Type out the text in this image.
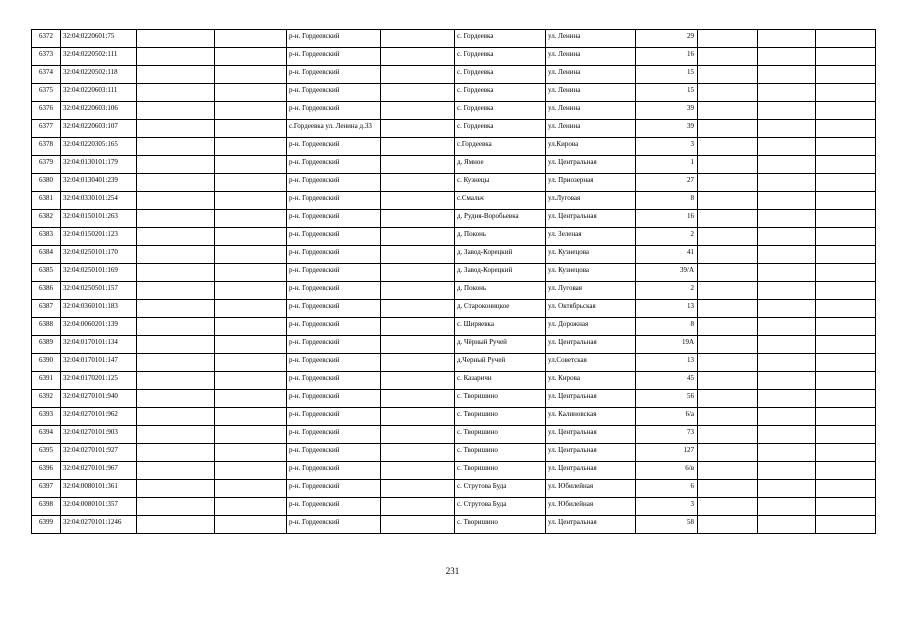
6372	32:04:0220601:75			р-н. Гордеевский		с. Гордеевка	ул. Ленина	29			
6373	32:04:0220502:111			р-н. Гордеевский		с. Гордеевка	ул. Ленина	16			
6374	32:04:0220502:118			р-н. Гордеевский		с. Гордеевка	ул. Ленина	15			
6375	32:04:0220603:111			р-н. Гордеевский		с. Гордеевка	ул. Ленина	15			
6376	32:04:0220603:106			р-н. Гордеевский		с. Гордеевка	ул. Ленина	39			
6377	32:04:0220603:107			с.Гордеевка ул. Ленина д.33		с. Гордеевка	ул. Ленина	39			
6378	32:04:0220305:165			р-н. Гордеевский		с.Гордеевка	ул.Кирова	3			
6379	32:04:0130101:179			р-н. Гордеевский		д. Ямное	ул. Центральная	1			
6380	32:04:0130401:239			р-н. Гордеевский		с. Кузнецы	ул. Приозерная	27			
6381	32:04:0330101:254			р-н. Гордеевский		с.Смальч	ул.Луговая	8			
6382	32:04:0150101:263			р-н. Гордеевский		д. Рудня-Воробьевка	ул. Центральная	16			
6383	32:04:0150201:123			р-н. Гордеевский		д. Поконь	ул. Зеленая	2			
6384	32:04:0250101:170			р-н. Гордеевский		д. Завод-Корецкий	ул. Кузнецова	41			
6385	32:04:0250101:169			р-н. Гордеевский		д. Завод-Корецкий	ул. Кузнецова	39/А			
6386	32:04:0250501:157			р-н. Гордеевский		д. Поконь	ул. Луговая	2			
6387	32:04:0360101:183			р-н. Гордеевский		д. Староконицкое	ул. Октябрьская	13			
6388	32:04:0060201:139			р-н. Гордеевский		с. Ширяевка	ул. Дорожная	8			
6389	32:04:0170101:134			р-н. Гордеевский		д. Чёрный Ручей	ул. Центральная	19А			
6390	32:04:0170101:147			р-н. Гордеевский		д.Черный Ручей	ул.Советская	13			
6391	32:04:0170201:125			р-н. Гордеевский		с. Казаричи	ул. Кирова	45			
6392	32:04:0270101:940			р-н. Гордеевский		с. Творишино	ул. Центральная	56			
6393	32:04:0270101:962			р-н. Гордеевский		с. Творишино	ул. Калиновская	6/а			
6394	32:04:0270101:903			р-н. Гордеевский		с. Творишино	ул. Центральная	73			
6395	32:04:0270101:927			р-н. Гордеевский		с. Творишино	ул. Центральная	127			
6396	32:04:0270101:967			р-н. Гордеевский		с. Творишино	ул. Центральная	6/в			
6397	32:04:0080101:361			р-н. Гордеевский		с. Струтова Буда	ул. Юбилейная	6			
6398	32:04:0080101:357			р-н. Гордеевский		с. Струтова Буда	ул. Юбилейная	3			
6399	32:04:0270101:1246			р-н. Гордеевский		с. Творишино	ул. Центральная	58			
231
